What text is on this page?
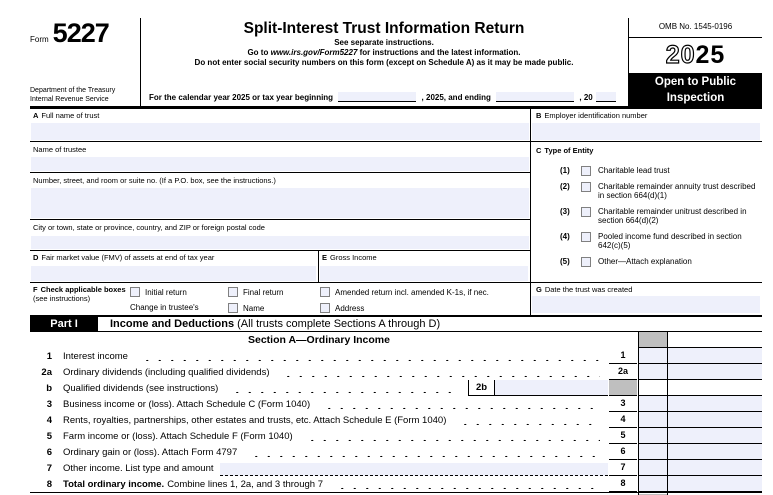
Form 5227
Department of the Treasury
Internal Revenue Service
Split-Interest Trust Information Return
See separate instructions.
Go to www.irs.gov/Form5227 for instructions and the latest information.
Do not enter social security numbers on this form (except on Schedule A) as it may be made public.
For the calendar year 2025 or tax year beginning	, 2025, and ending	, 20
OMB No. 1545-0196
2025
Open to Public
Inspection
A Full name of trust
Name of trustee
Number, street, and room or suite no. (If a P.O. box, see the instructions.)
City or town, state or province, country, and ZIP or foreign postal code
D Fair market value (FMV) of assets at end of tax year	E Gross Income
F Check applicable boxes (see instructions)
Initial return	Final return	Amended return incl. amended K-1s, if nec.
Change in trustee's	Name	Address
B Employer identification number
C Type of Entity
(1)	Charitable lead trust
(2)	Charitable remainder annuity trust described in section 664(d)(1)
(3)	Charitable remainder unitrust described in section 664(d)(2)
(4)	Pooled income fund described in section 642(c)(5)
(5)	Other—Attach explanation
G Date the trust was created
Part I	Income and Deductions (All trusts complete Sections A through D)
Section A—Ordinary Income
1 Interest income	1
2a Ordinary dividends (including qualified dividends)	2a
b Qualified dividends (see instructions)	2b
3 Business income or (loss). Attach Schedule C (Form 1040)	3
4 Rents, royalties, partnerships, other estates and trusts, etc. Attach Schedule E (Form 1040)	4
5 Farm income or (loss). Attach Schedule F (Form 1040)	5
6 Ordinary gain or (loss). Attach Form 4797	6
7 Other income. List type and amount	7
8 Total ordinary income. Combine lines 1, 2a, and 3 through 7	8
